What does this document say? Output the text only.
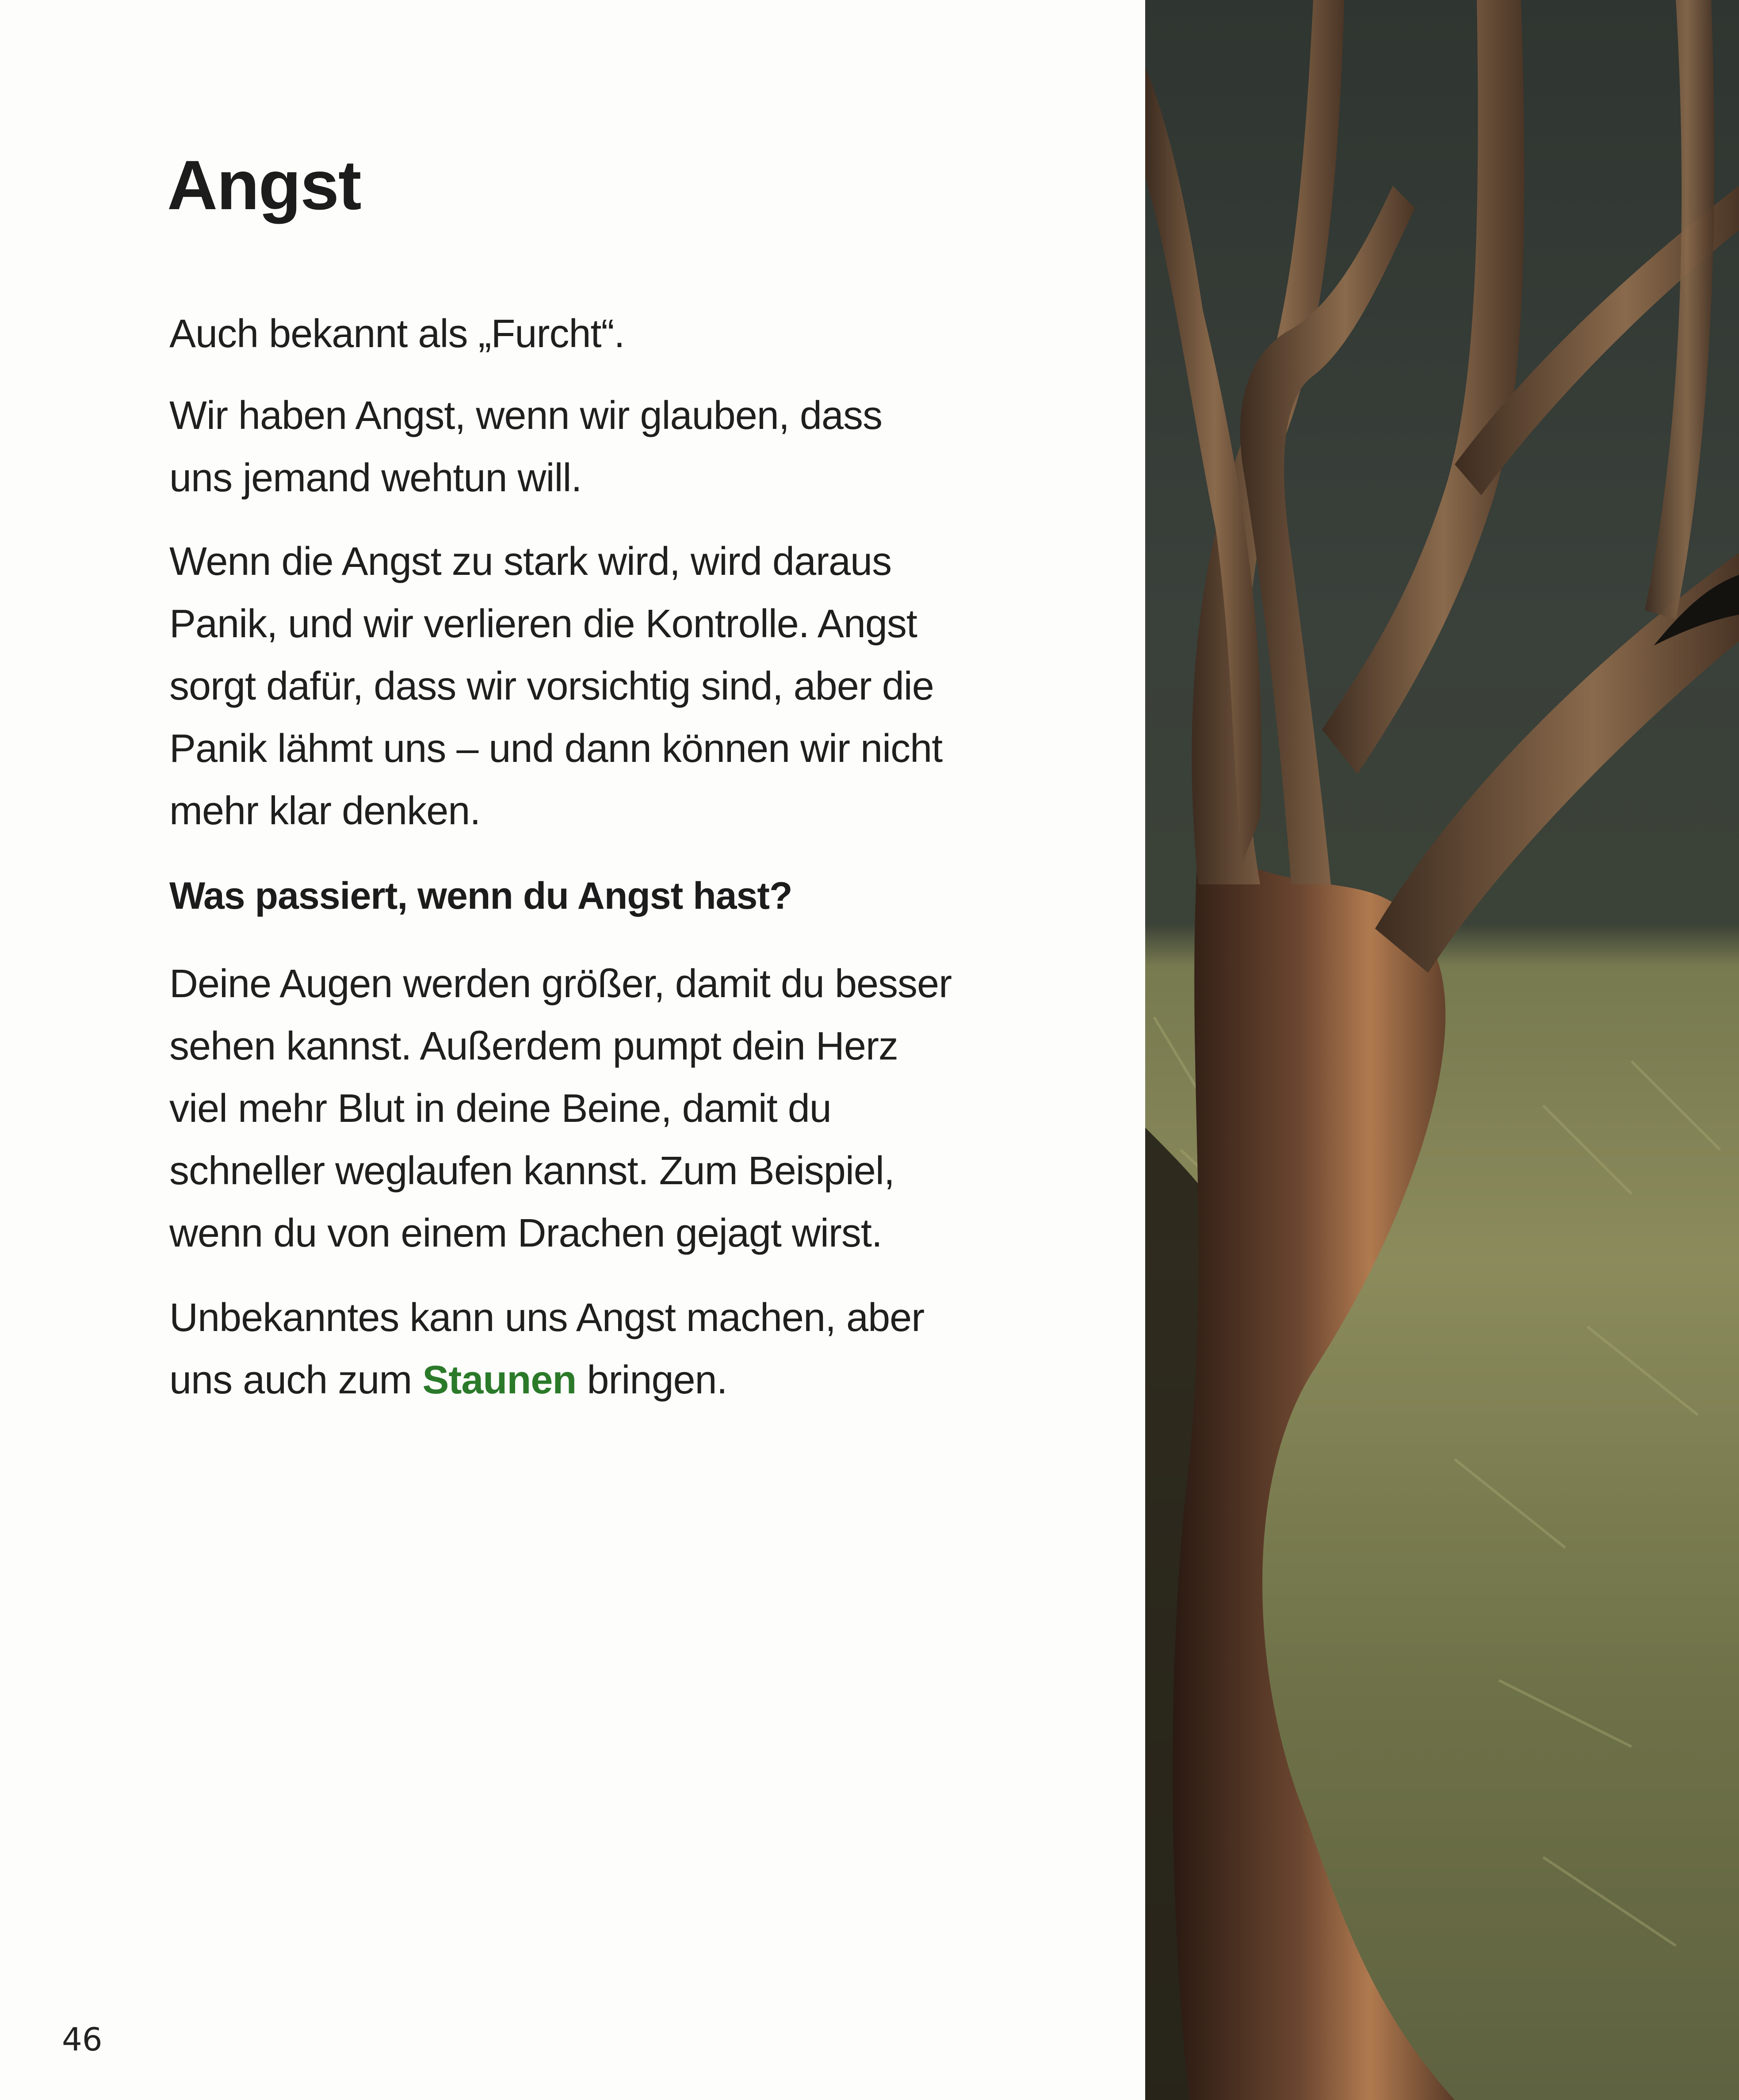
Angst

Auch bekannt als „Furcht“.

Wir haben Angst, wenn wir glauben, dass
uns jemand wehtun will.

Wenn die Angst zu stark wird, wird daraus
Panik, und wir verlieren die Kontrolle. Angst
sorgt dafür, dass wir vorsichtig sind, aber die
Panik lähmt uns – und dann können wir nicht
mehr klar denken.

Was passiert, wenn du Angst hast?

Deine Augen werden größer, damit du besser
sehen kannst. Außerdem pumpt dein Herz
viel mehr Blut in deine Beine, damit du
schneller weglaufen kannst. Zum Beispiel,
wenn du von einem Drachen gejagt wirst.

Unbekanntes kann uns Angst machen, aber
uns auch zum Staunen bringen.

46
